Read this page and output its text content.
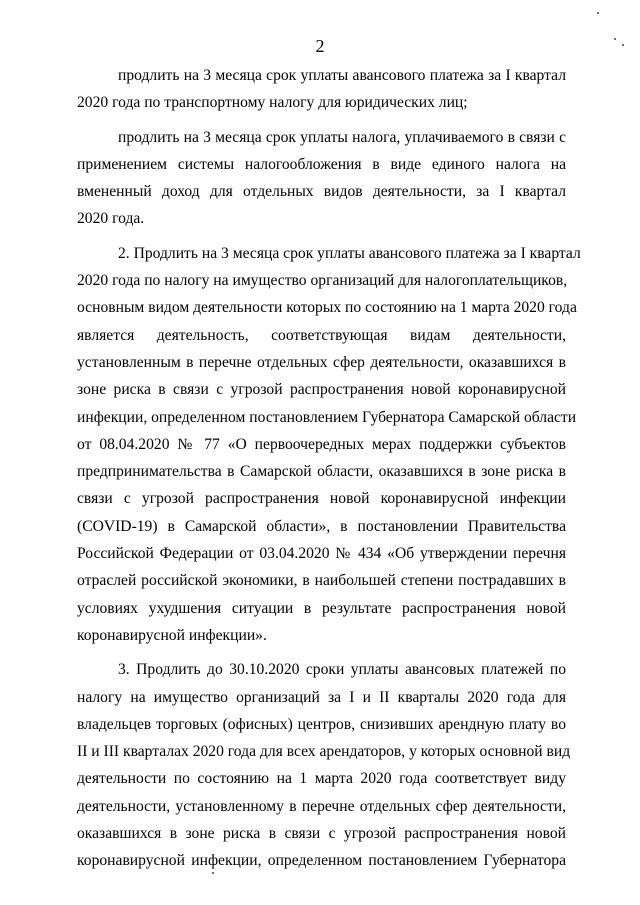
2
продлить на 3 месяца срок уплаты авансового платежа за I квартал
2020 года по транспортному налогу для юридических лиц;
продлить на 3 месяца срок уплаты налога, уплачиваемого в связи с
применением системы налогообложения в виде единого налога на
вмененный доход для отдельных видов деятельности, за I квартал
2020 года.
2. Продлить на 3 месяца срок уплаты авансового платежа за I квартал
2020 года по налогу на имущество организаций для налогоплательщиков,
основным видом деятельности которых по состоянию на 1 марта 2020 года
является деятельность, соответствующая видам деятельности,
установленным в перечне отдельных сфер деятельности, оказавшихся в
зоне риска в связи с угрозой распространения новой коронавирусной
инфекции, определенном постановлением Губернатора Самарской области
от 08.04.2020 № 77 «О первоочередных мерах поддержки субъектов
предпринимательства в Самарской области, оказавшихся в зоне риска в
связи с угрозой распространения новой коронавирусной инфекции
(COVID-19) в Самарской области», в постановлении Правительства
Российской Федерации от 03.04.2020 № 434 «Об утверждении перечня
отраслей российской экономики, в наибольшей степени пострадавших в
условиях ухудшения ситуации в результате распространения новой
коронавирусной инфекции».
3. Продлить до 30.10.2020 сроки уплаты авансовых платежей по
налогу на имущество организаций за I и II кварталы 2020 года для
владельцев торговых (офисных) центров, снизивших арендную плату во
II и III кварталах 2020 года для всех арендаторов, у которых основной вид
деятельности по состоянию на 1 марта 2020 года соответствует виду
деятельности, установленному в перечне отдельных сфер деятельности,
оказавшихся в зоне риска в связи с угрозой распространения новой
коронавирусной инфекции, определенном постановлением Губернатора
